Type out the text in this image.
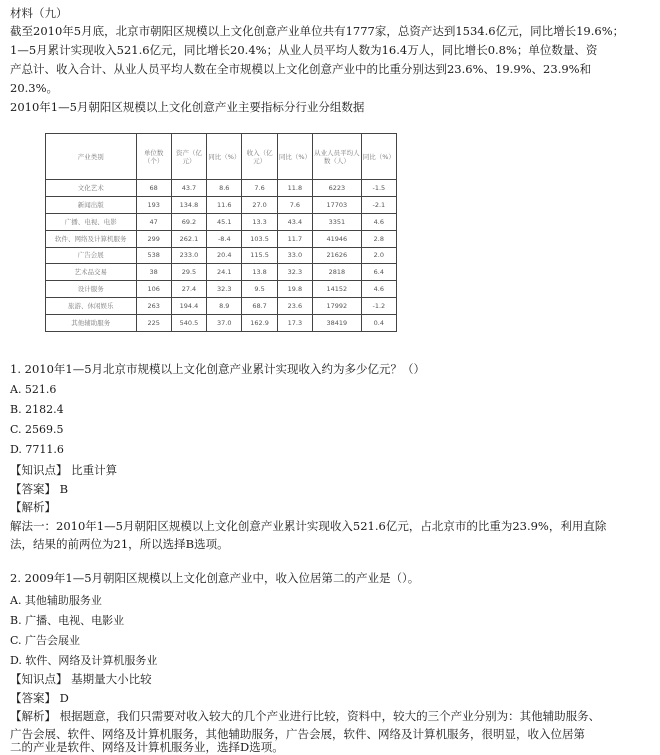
材料（九）
截至2010年5月底，北京市朝阳区规模以上文化创意产业单位共有1777家，总资产达到1534.6亿元，同比增长19.6%；
1—5月累计实现收入521.6亿元，同比增长20.4%；从业人员平均人数为16.4万人，同比增长0.8%；单位数量、资
产总计、收入合计、从业人员平均人数在全市规模以上文化创意产业中的比重分别达到23.6%、19.9%、23.9%和
20.3%。
2010年1—5月朝阳区规模以上文化创意产业主要指标分行业分组数据
产业类别	单位数（个）	资产（亿元）	同比（%）	收入（亿元）	同比（%）	从业人员平均人数（人）	同比（%）
文化艺术	68	43.7	8.6	7.6	11.8	6223	-1.5
新闻出版	193	134.8	11.6	27.0	7.6	17703	-2.1
广播、电视、电影	47	69.2	45.1	13.3	43.4	3351	4.6
软件、网络及计算机服务	299	262.1	-8.4	103.5	11.7	41946	2.8
广告会展	538	233.0	20.4	115.5	33.0	21626	2.0
艺术品交易	38	29.5	24.1	13.8	32.3	2818	6.4
设计服务	106	27.4	32.3	9.5	19.8	14152	4.6
旅游、休闲娱乐	263	194.4	8.9	68.7	23.6	17992	-1.2
其他辅助服务	225	540.5	37.0	162.9	17.3	38419	0.4
1. 2010年1—5月北京市规模以上文化创意产业累计实现收入约为多少亿元？（）
A. 521.6
B. 2182.4
C. 2569.5
D. 7711.6
【知识点】 比重计算
【答案】 B
【解析】
解法一：2010年1—5月朝阳区规模以上文化创意产业累计实现收入521.6亿元，占北京市的比重为23.9%，利用直除
法，结果的前两位为21，所以选择B选项。
2. 2009年1—5月朝阳区规模以上文化创意产业中，收入位居第二的产业是（）。
A. 其他辅助服务业
B. 广播、电视、电影业
C. 广告会展业
D. 软件、网络及计算机服务业
【知识点】 基期量大小比较
【答案】 D
【解析】 根据题意，我们只需要对收入较大的几个产业进行比较，资料中，较大的三个产业分别为：其他辅助服务、
广告会展、软件、网络及计算机服务，其他辅助服务，广告会展，软件、网络及计算机服务，很明显，收入位居第
二的产业是软件、网络及计算机服务业，选择D选项。
